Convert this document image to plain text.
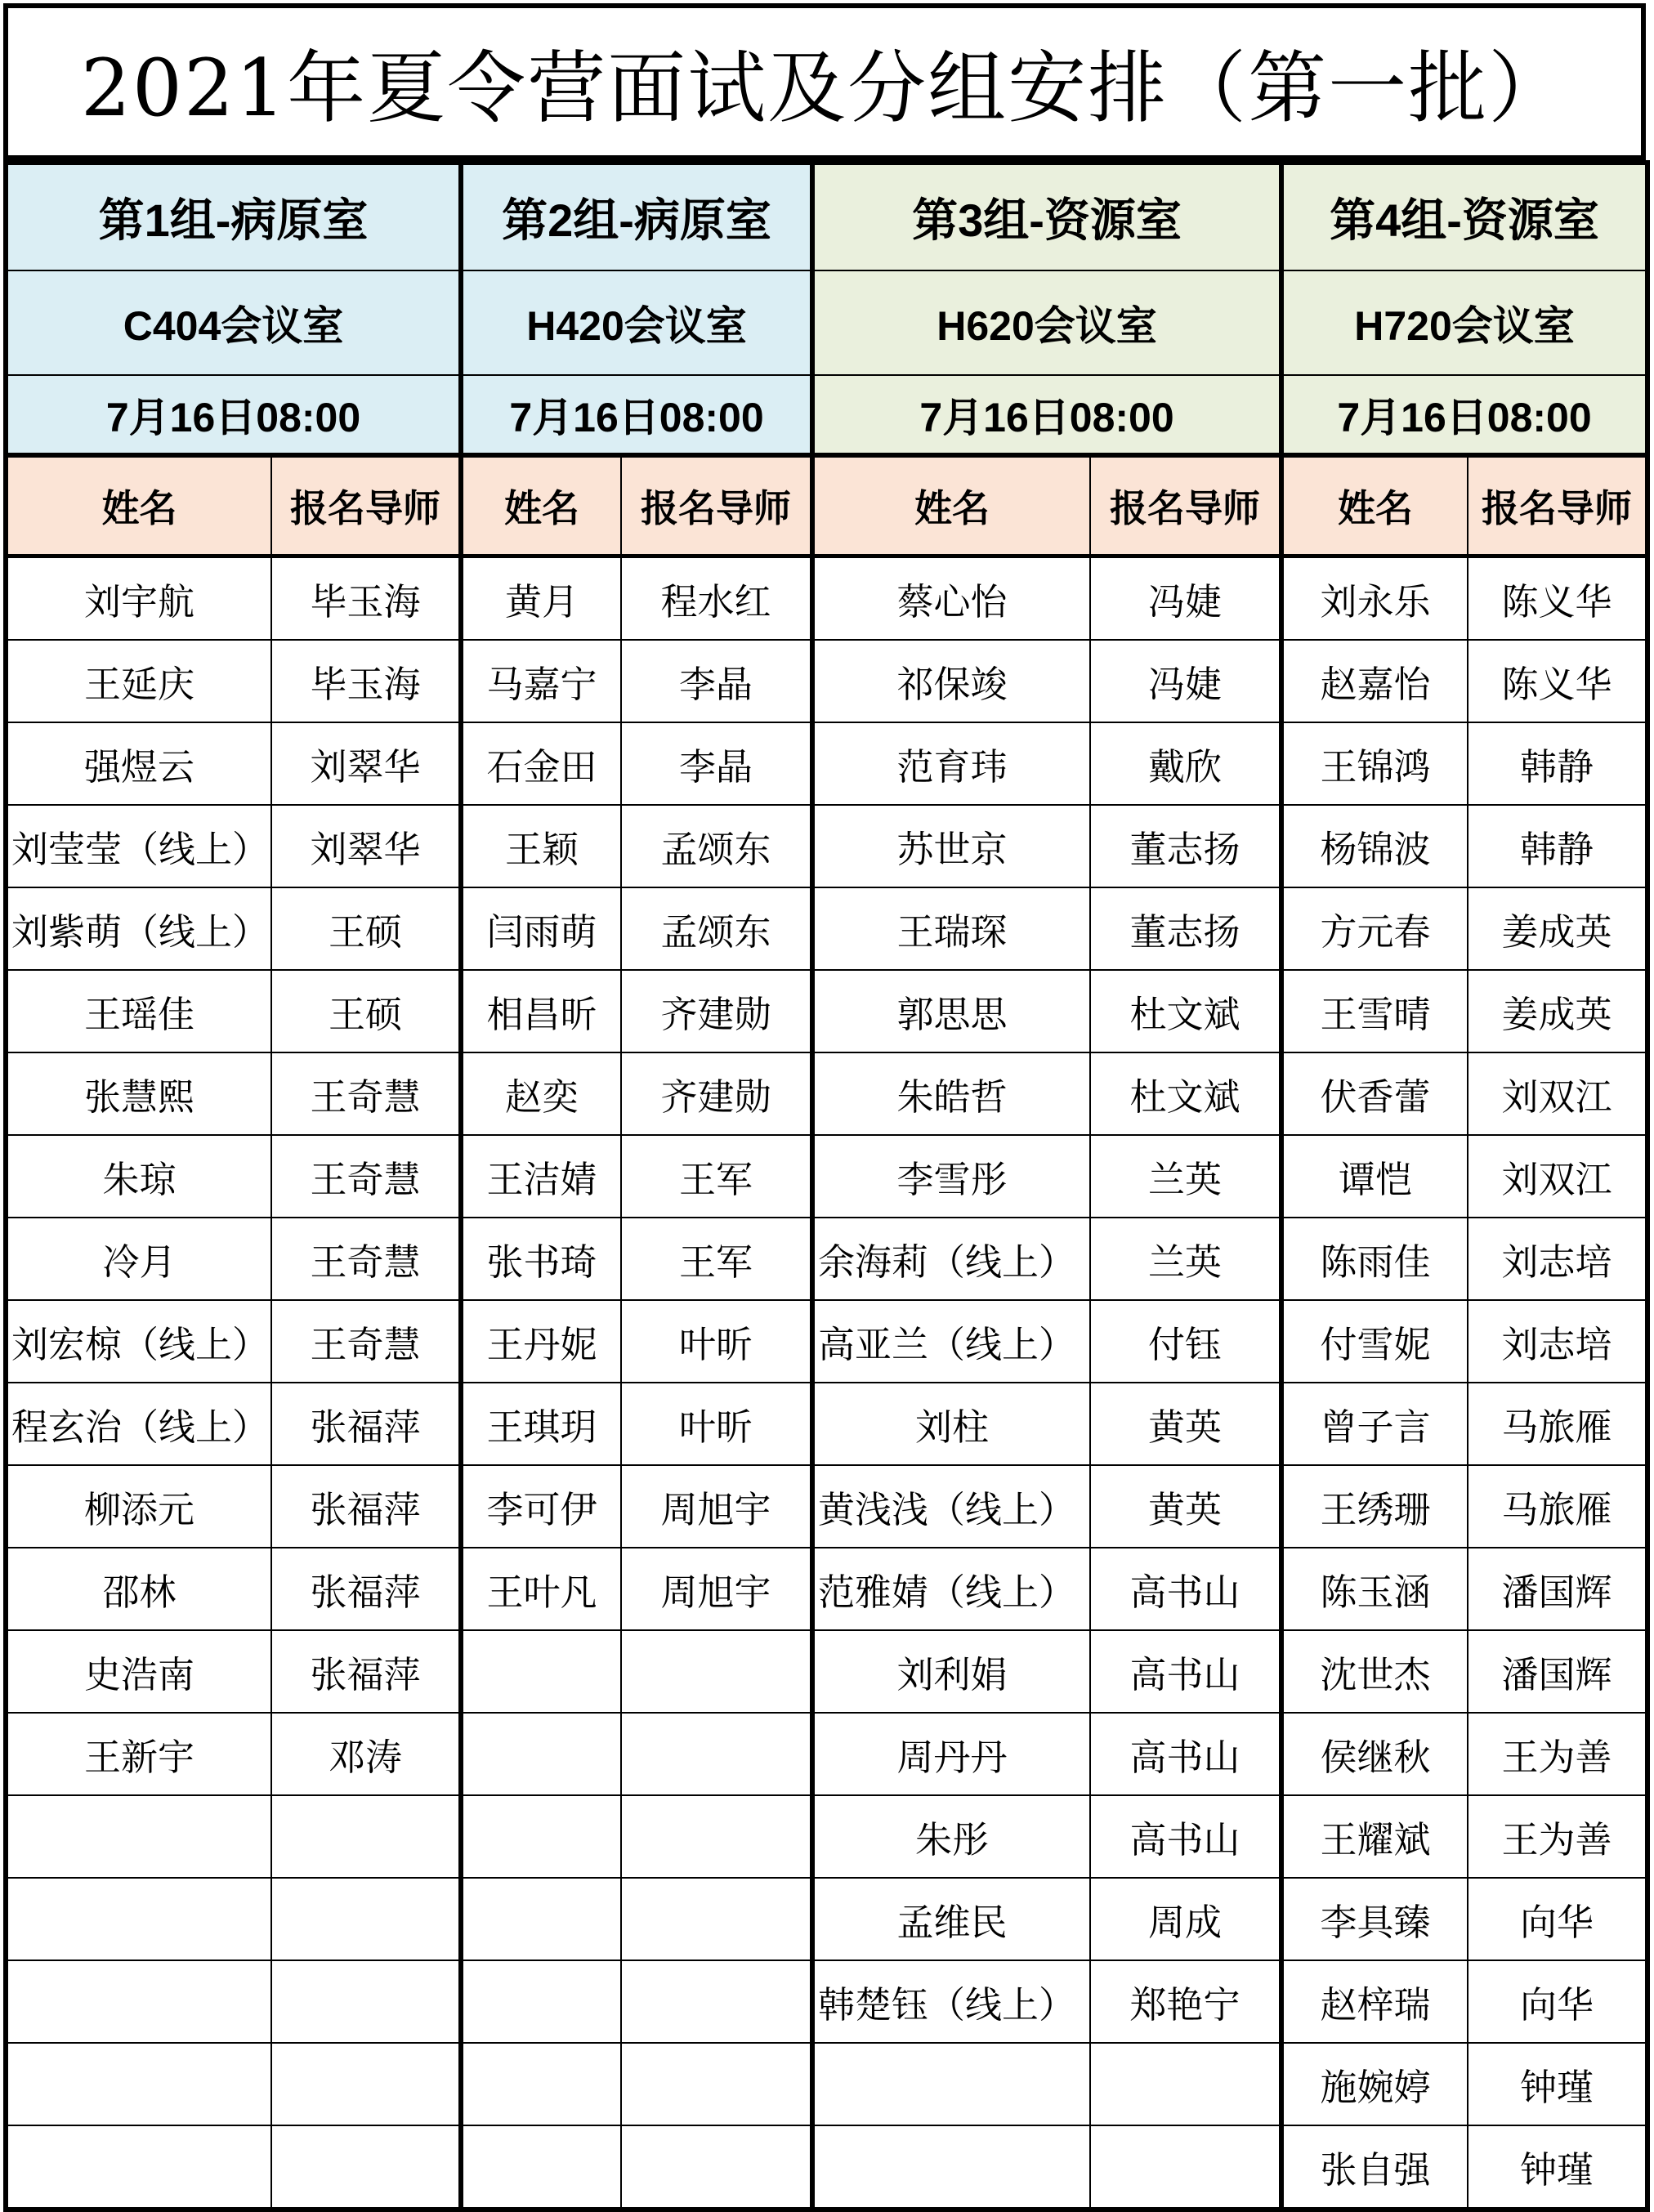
2021年夏令营面试及分组安排（第一批）
第1组-病原室		第2组-病原室		第3组-资源室		第4组-资源室	
C404会议室		H420会议室		H620会议室		H720会议室	
7月16日08:00		7月16日08:00		7月16日08:00		7月16日08:00	
姓名	报名导师	姓名	报名导师	姓名	报名导师	姓名	报名导师
刘宇航	毕玉海	黄月	程水红	蔡心怡	冯婕	刘永乐	陈义华
王延庆	毕玉海	马嘉宁	李晶	祁保竣	冯婕	赵嘉怡	陈义华
强煜云	刘翠华	石金田	李晶	范育玮	戴欣	王锦鸿	韩静
刘莹莹（线上）	刘翠华	王颖	孟颂东	苏世京	董志扬	杨锦波	韩静
刘紫萌（线上）	王硕	闫雨萌	孟颂东	王瑞琛	董志扬	方元春	姜成英
王瑶佳	王硕	相昌昕	齐建勋	郭思思	杜文斌	王雪晴	姜成英
张慧熙	王奇慧	赵奕	齐建勋	朱皓哲	杜文斌	伏香蕾	刘双江
朱琼	王奇慧	王洁婧	王军	李雪彤	兰英	谭恺	刘双江
冷月	王奇慧	张书琦	王军	余海莉（线上）	兰英	陈雨佳	刘志培
刘宏椋（线上）	王奇慧	王丹妮	叶昕	高亚兰（线上）	付钰	付雪妮	刘志培
程玄治（线上）	张福萍	王琪玥	叶昕	刘柱	黄英	曾子言	马旅雁
柳添元	张福萍	李可伊	周旭宇	黄浅浅（线上）	黄英	王绣珊	马旅雁
邵林	张福萍	王叶凡	周旭宇	范雅婧（线上）	高书山	陈玉涵	潘国辉
史浩南	张福萍			刘利娟	高书山	沈世杰	潘国辉
王新宇	邓涛			周丹丹	高书山	侯继秋	王为善
				朱彤	高书山	王耀斌	王为善
				孟维民	周成	李具臻	向华
				韩楚钰（线上）	郑艳宁	赵梓瑞	向华
						施婉婷	钟瑾
						张自强	钟瑾
